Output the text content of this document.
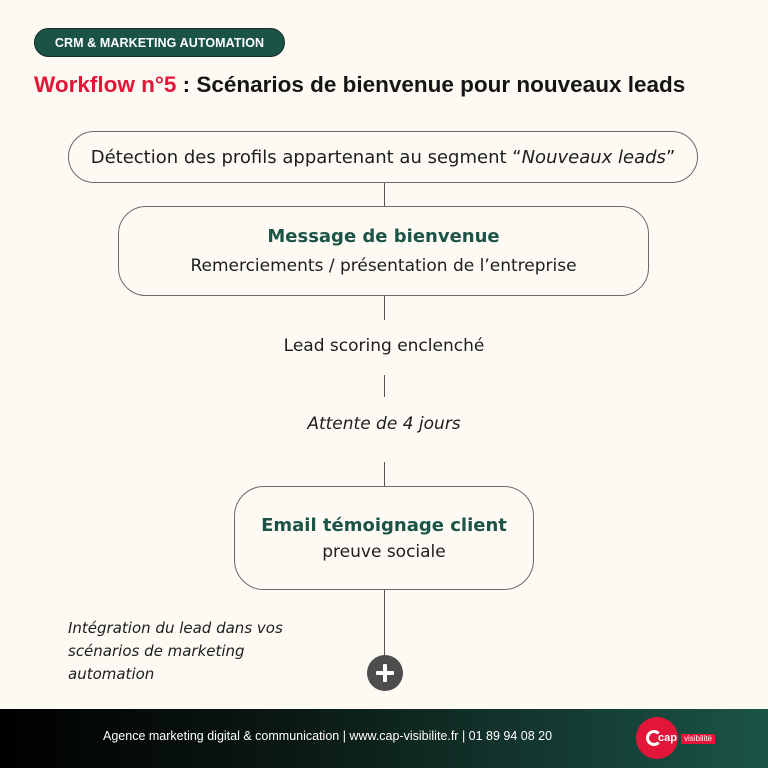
CRM & MARKETING AUTOMATION
Workflow n°5 : Scénarios de bienvenue pour nouveaux leads
Détection des profils appartenant au segment “Nouveaux leads”
Message de bienvenue
Remerciements / présentation de l’entreprise
Lead scoring enclenché
Attente de 4 jours
Email témoignage client
preuve sociale
Intégration du lead dans vos
scénarios de marketing
automation
Agence marketing digital & communication | www.cap-visibilite.fr | 01 89 94 08 20	cap visibilité
